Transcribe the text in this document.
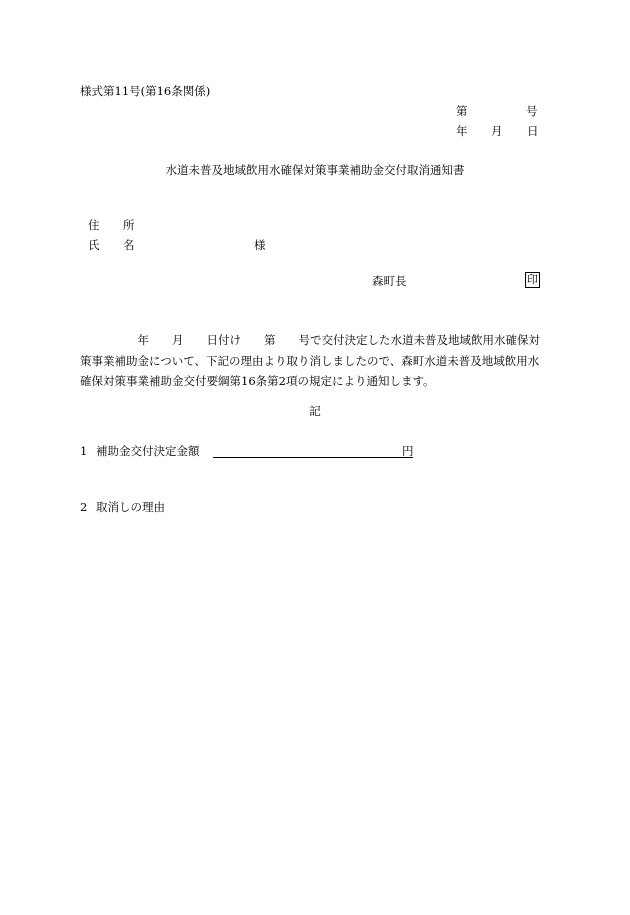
様式第11号(第16条関係)
第	号
年 月 日
水道未普及地域飲用水確保対策事業補助金交付取消通知書
住 所
氏 名	様
森町長	印
　　　　　年　　月　　日付け　　第　　号で交付決定した水道未普及地域飲用水確保対
策事業補助金について、下記の理由より取り消しましたので、森町水道未普及地域飲用水
確保対策事業補助金交付要綱第16条第2項の規定により通知します。
記
1 補助金交付決定金額	円
2 取消しの理由
